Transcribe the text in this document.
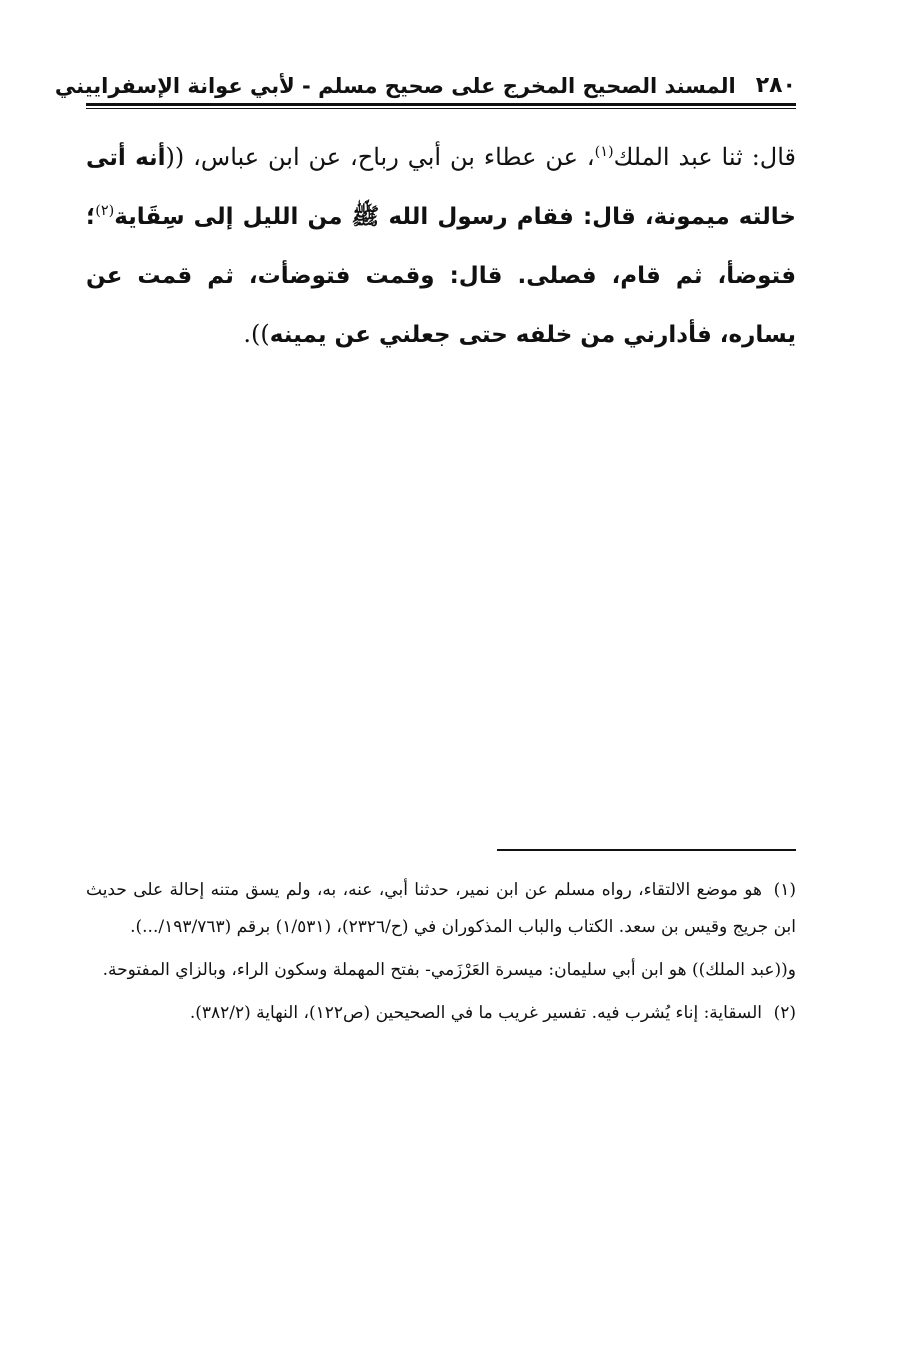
٢٨٠
المسند الصحيح المخرج على صحيح مسلم - لأبي عوانة الإسفراييني
قال: ثنا عبد الملك$^{(١)}$، عن عطاء بن أبي رباح، عن ابن عباس، ((أنه أتى خالته ميمونة، قال: فقام رسول الله ﷺ من الليل إلى سِقَاية$^{(٢)}$؛ فتوضأ، ثم قام، فصلى. قال: وقمت فتوضأت، ثم قمت عن يساره، فأدارني من خلفه حتى جعلني عن يمينه)).‏

(١)هو موضع الالتقاء، رواه مسلم عن ابن نمير، حدثنا أبي، عنه، به، ولم يسق متنه إحالة على حديث ابن جريج وقيس بن سعد. الكتاب والباب المذكوران في (ح/٢٣٢٦)، (١/٥٣١) برقم (١٩٣/٧٦٣/...).

و((عبد الملك)) هو ابن أبي سليمان: ميسرة العَرْزَمي- بفتح المهملة وسكون الراء، وبالزاي المفتوحة.

(٢)السقاية: إناء يُشرب فيه. تفسير غريب ما في الصحيحين (ص١٢٢)، النهاية (٣٨٢/٢).
